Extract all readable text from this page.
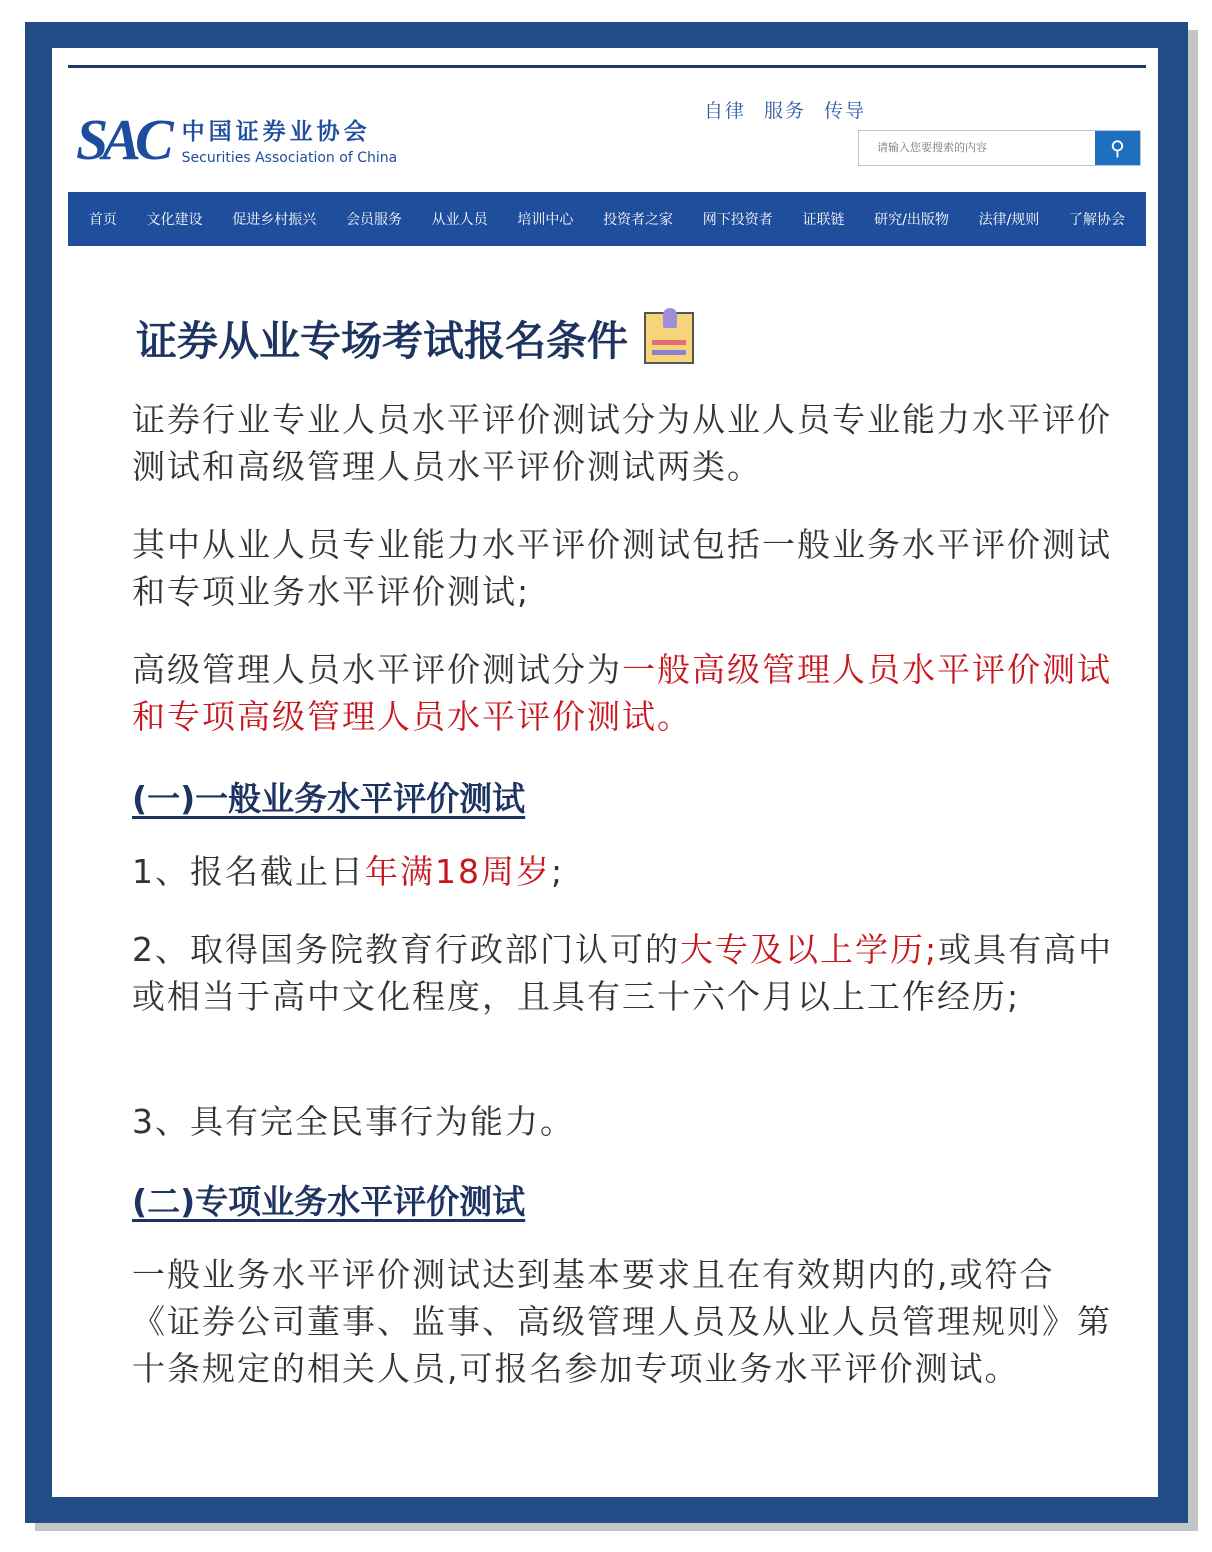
SAC 中国证券业协会
Securities Association of China
自律 服务 传导
请输入您要搜索的内容
⚲
首页 文化建设 促进乡村振兴 会员服务 从业人员 培训中心 投资者之家 网下投资者 证联链 研究/出版物 法律/规则 了解协会
证券从业专场考试报名条件
证券行业专业人员水平评价测试分为从业人员专业能力水平评价测试和高级管理人员水平评价测试两类。
其中从业人员专业能力水平评价测试包括一般业务水平评价测试和专项业务水平评价测试;
高级管理人员水平评价测试分为一般高级管理人员水平评价测试和专项高级管理人员水平评价测试。
(一)一般业务水平评价测试
1、报名截止日年满18周岁;
2、取得国务院教育行政部门认可的大专及以上学历;或具有高中或相当于高中文化程度，且具有三十六个月以上工作经历;
3、具有完全民事行为能力。
(二)专项业务水平评价测试
一般业务水平评价测试达到基本要求且在有效期内的,或符合《证券公司董事、监事、高级管理人员及从业人员管理规则》第十条规定的相关人员,可报名参加专项业务水平评价测试。
